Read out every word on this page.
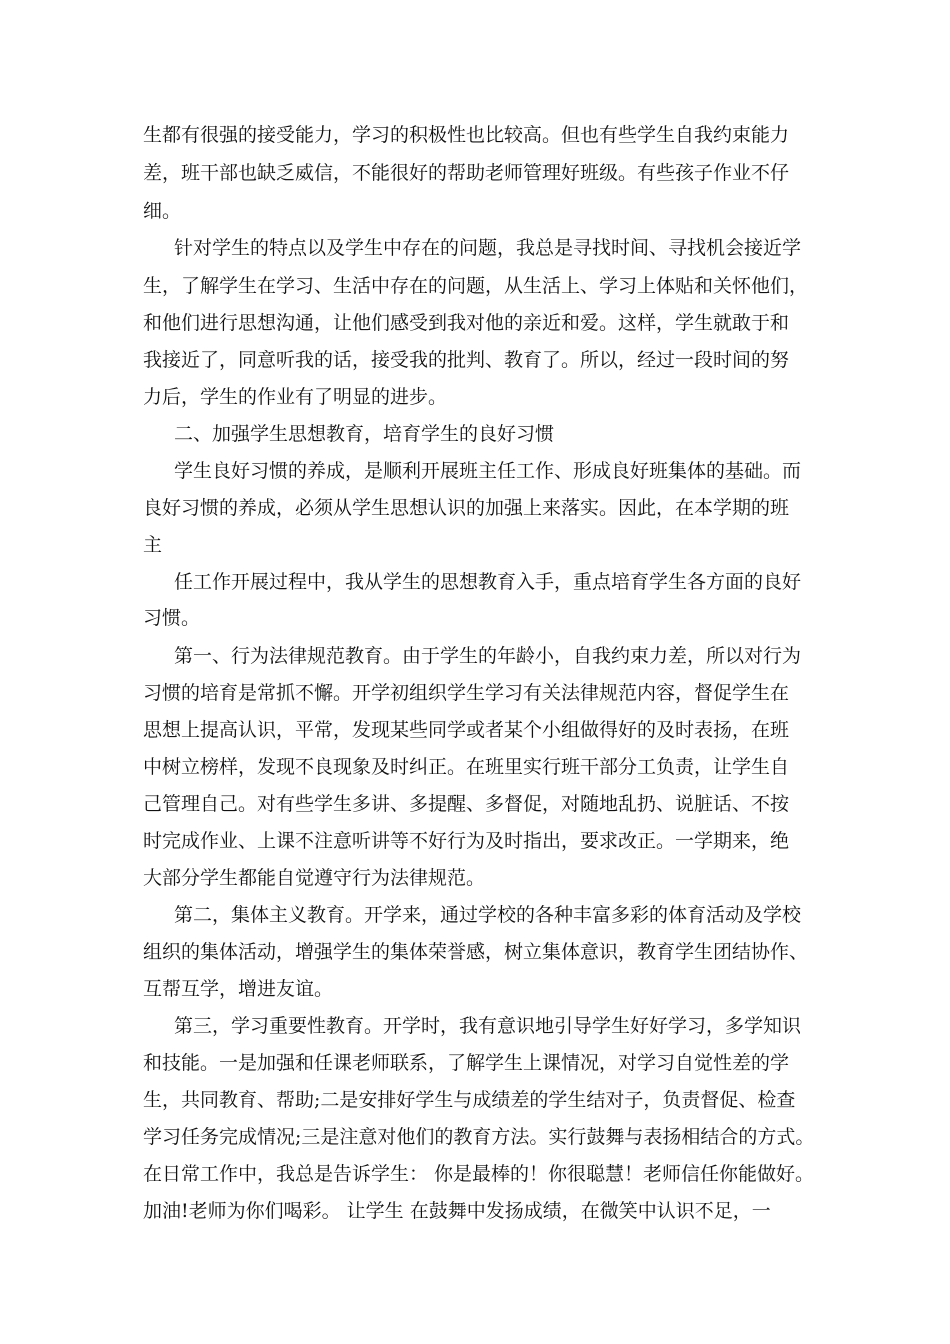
生都有很强的接受能力，学习的积极性也比较高。但也有些学生自我约束能力
差，班干部也缺乏威信，不能很好的帮助老师管理好班级。有些孩子作业不仔
细。
针对学生的特点以及学生中存在的问题，我总是寻找时间、寻找机会接近学
生，了解学生在学习、生活中存在的问题，从生活上、学习上体贴和关怀他们，
和他们进行思想沟通，让他们感受到我对他的亲近和爱。这样，学生就敢于和
我接近了，同意听我的话，接受我的批判、教育了。所以，经过一段时间的努
力后，学生的作业有了明显的进步。
二、加强学生思想教育，培育学生的良好习惯
学生良好习惯的养成，是顺利开展班主任工作、形成良好班集体的基础。而
良好习惯的养成，必须从学生思想认识的加强上来落实。因此，在本学期的班
主
任工作开展过程中，我从学生的思想教育入手，重点培育学生各方面的良好
习惯。
第一、行为法律规范教育。由于学生的年龄小，自我约束力差，所以对行为
习惯的培育是常抓不懈。开学初组织学生学习有关法律规范内容，督促学生在
思想上提高认识，平常，发现某些同学或者某个小组做得好的及时表扬，在班
中树立榜样，发现不良现象及时纠正。在班里实行班干部分工负责，让学生自
己管理自己。对有些学生多讲、多提醒、多督促，对随地乱扔、说脏话、不按
时完成作业、上课不注意听讲等不好行为及时指出，要求改正。一学期来，绝
大部分学生都能自觉遵守行为法律规范。
第二，集体主义教育。开学来，通过学校的各种丰富多彩的体育活动及学校
组织的集体活动，增强学生的集体荣誉感，树立集体意识，教育学生团结协作、
互帮互学，增进友谊。
第三，学习重要性教育。开学时，我有意识地引导学生好好学习，多学知识
和技能。一是加强和任课老师联系，了解学生上课情况，对学习自觉性差的学
生，共同教育、帮助;二是安排好学生与成绩差的学生结对子，负责督促、检查
学习任务完成情况;三是注意对他们的教育方法。实行鼓舞与表扬相结合的方式。
在日常工作中，我总是告诉学生： 你是最棒的！你很聪慧！老师信任你能做好。
加油!老师为你们喝彩。 让学生 在鼓舞中发扬成绩，在微笑中认识不足，一
